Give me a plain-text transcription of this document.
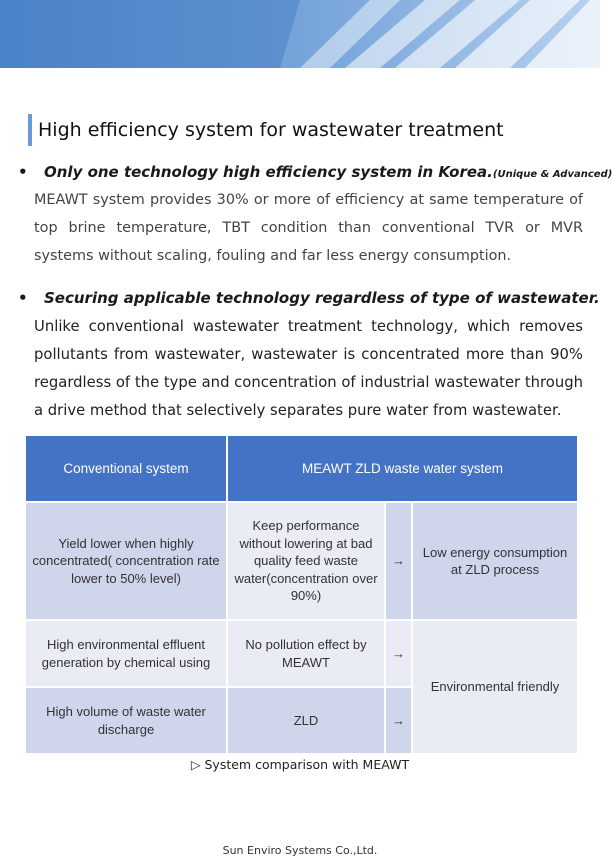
High efficiency system for wastewater treatment
• Only one technology high efficiency system in Korea.(Unique & Advanced)
MEAWT system provides 30% or more of efficiency at same temperature of top brine temperature, TBT condition than conventional TVR or MVR systems without scaling, fouling and far less energy consumption.
• Securing applicable technology regardless of type of wastewater.
Unlike conventional wastewater treatment technology, which removes pollutants from wastewater, wastewater is concentrated more than 90% regardless of the type and concentration of industrial wastewater through a drive method that selectively separates pure water from wastewater.
Conventional system	MEAWT ZLD waste water system		
Yield lower when highly concentrated( concentration rate lower to 50% level)	Keep performance without lowering at bad quality feed waste water(concentration over 90%)	→	Low energy consumption at ZLD process
High environmental effluent generation by chemical using	No pollution effect by MEAWT	→	Environmental friendly
High volume of waste water discharge	ZLD	→	
▷ System comparison with MEAWT
Sun Enviro Systems Co.,Ltd.
